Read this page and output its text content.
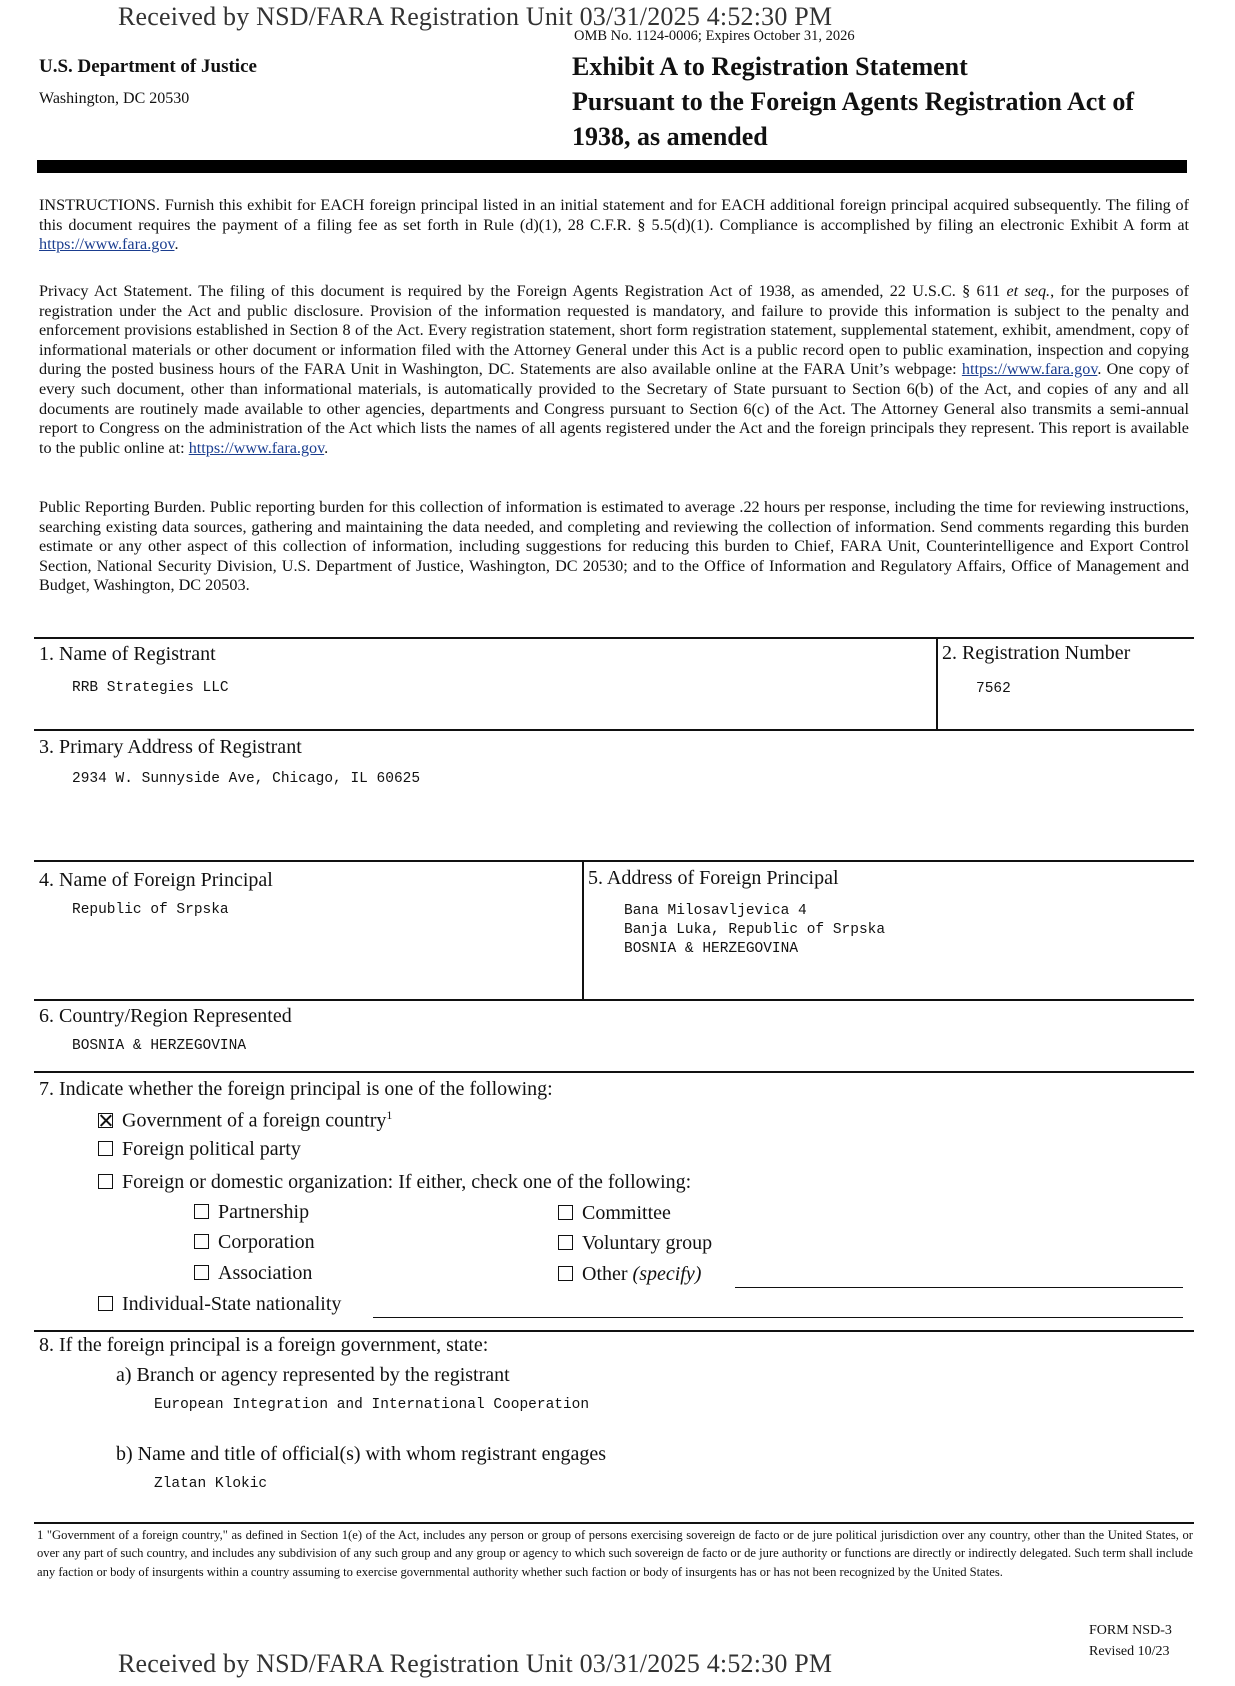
Received by NSD/FARA Registration Unit 03/31/2025 4:52:30 PM
OMB No. 1124-0006; Expires October 31, 2026
U.S. Department of Justice
Washington, DC 20530
Exhibit A to Registration Statement
Pursuant to the Foreign Agents Registration Act of
1938, as amended
INSTRUCTIONS. Furnish this exhibit for EACH foreign principal listed in an initial statement and for EACH additional foreign principal acquired subsequently. The filing of this document requires the payment of a filing fee as set forth in Rule (d)(1), 28 C.F.R. § 5.5(d)(1). Compliance is accomplished by filing an electronic Exhibit A form at https://www.fara.gov.
Privacy Act Statement. The filing of this document is required by the Foreign Agents Registration Act of 1938, as amended, 22 U.S.C. § 611 et seq., for the purposes of registration under the Act and public disclosure. Provision of the information requested is mandatory, and failure to provide this information is subject to the penalty and enforcement provisions established in Section 8 of the Act. Every registration statement, short form registration statement, supplemental statement, exhibit, amendment, copy of informational materials or other document or information filed with the Attorney General under this Act is a public record open to public examination, inspection and copying during the posted business hours of the FARA Unit in Washington, DC. Statements are also available online at the FARA Unit’s webpage: https://www.fara.gov. One copy of every such document, other than informational materials, is automatically provided to the Secretary of State pursuant to Section 6(b) of the Act, and copies of any and all documents are routinely made available to other agencies, departments and Congress pursuant to Section 6(c) of the Act. The Attorney General also transmits a semi-annual report to Congress on the administration of the Act which lists the names of all agents registered under the Act and the foreign principals they represent. This report is available to the public online at: https://www.fara.gov.
Public Reporting Burden. Public reporting burden for this collection of information is estimated to average .22 hours per response, including the time for reviewing instructions, searching existing data sources, gathering and maintaining the data needed, and completing and reviewing the collection of information. Send comments regarding this burden estimate or any other aspect of this collection of information, including suggestions for reducing this burden to Chief, FARA Unit, Counterintelligence and Export Control Section, National Security Division, U.S. Department of Justice, Washington, DC 20530; and to the Office of Information and Regulatory Affairs, Office of Management and Budget, Washington, DC 20503.
1. Name of Registrant
RRB Strategies LLC
2. Registration Number
7562
3. Primary Address of Registrant
2934 W. Sunnyside Ave, Chicago, IL 60625
4. Name of Foreign Principal
Republic of Srpska
5. Address of Foreign Principal
Bana Milosavljevica 4
Banja Luka, Republic of Srpska
BOSNIA & HERZEGOVINA
6. Country/Region Represented
BOSNIA & HERZEGOVINA
7. Indicate whether the foreign principal is one of the following:
Government of a foreign country$^1$
Foreign political party
Foreign or domestic organization: If either, check one of the following:
Partnership
Corporation
Association
Committee
Voluntary group
Other (specify)
Individual-State nationality
8. If the foreign principal is a foreign government, state:
a) Branch or agency represented by the registrant
European Integration and International Cooperation
b) Name and title of official(s) with whom registrant engages
Zlatan Klokic
1 "Government of a foreign country," as defined in Section 1(e) of the Act, includes any person or group of persons exercising sovereign de facto or de jure political jurisdiction over any country, other than the United States, or over any part of such country, and includes any subdivision of any such group and any group or agency to which such sovereign de facto or de jure authority or functions are directly or indirectly delegated. Such term shall include any faction or body of insurgents within a country assuming to exercise governmental authority whether such faction or body of insurgents has or has not been recognized by the United States.
FORM NSD-3
Revised 10/23
Received by NSD/FARA Registration Unit 03/31/2025 4:52:30 PM
